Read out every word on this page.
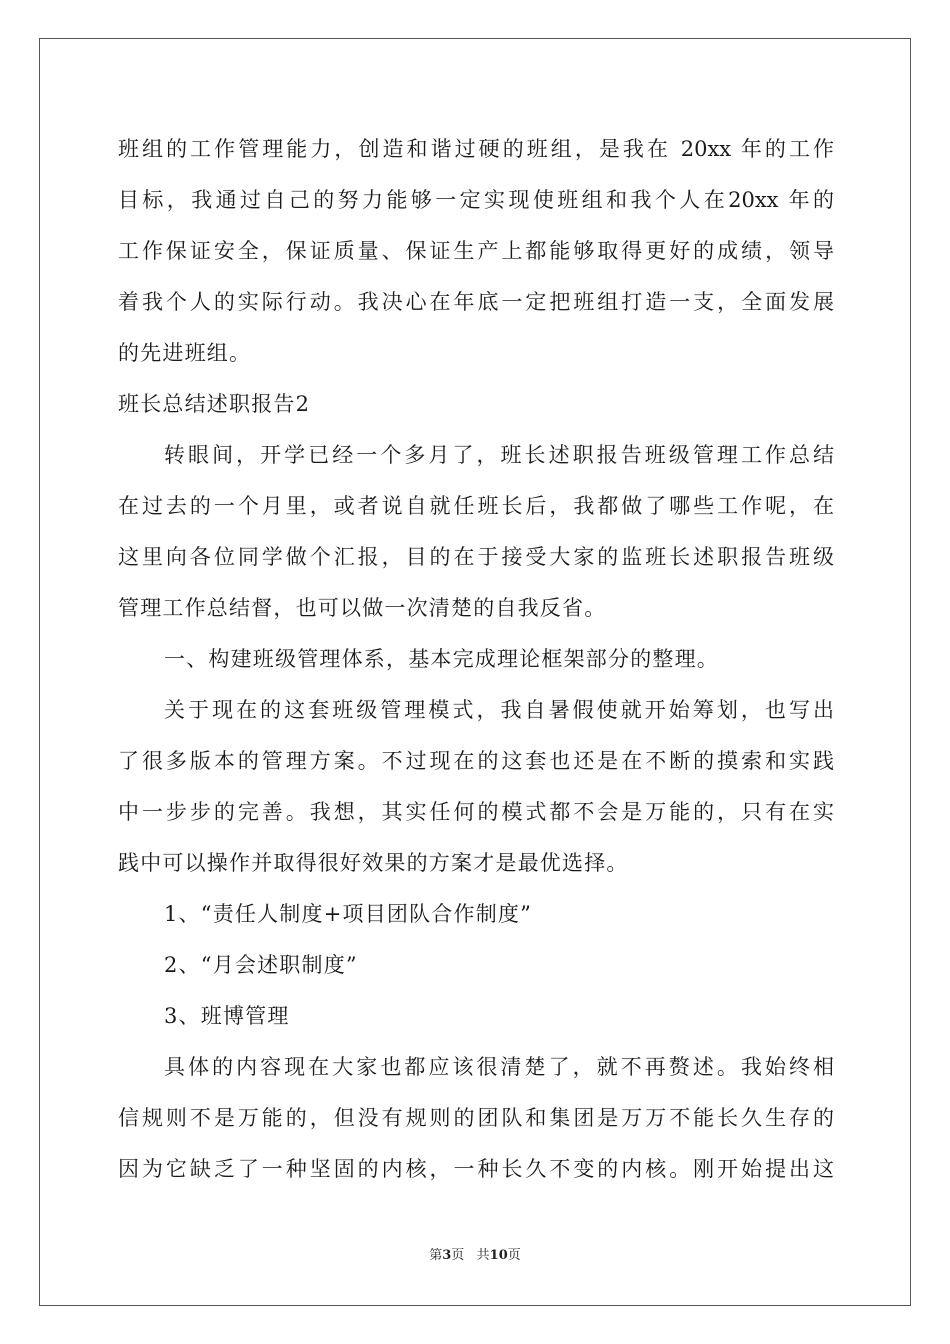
班组的工作管理能力，创造和谐过硬的班组，是我在 20xx 年的工作
目标，我通过自己的努力能够一定实现使班组和我个人在20xx 年的
工作保证安全，保证质量、保证生产上都能够取得更好的成绩，领导
着我个人的实际行动。我决心在年底一定把班组打造一支，全面发展
的先进班组。
班长总结述职报告2
转眼间，开学已经一个多月了，班长述职报告班级管理工作总结
在过去的一个月里，或者说自就任班长后，我都做了哪些工作呢，在
这里向各位同学做个汇报，目的在于接受大家的监班长述职报告班级
管理工作总结督，也可以做一次清楚的自我反省。
一、构建班级管理体系，基本完成理论框架部分的整理。
关于现在的这套班级管理模式，我自暑假使就开始筹划，也写出
了很多版本的管理方案。不过现在的这套也还是在不断的摸索和实践
中一步步的完善。我想，其实任何的模式都不会是万能的，只有在实
践中可以操作并取得很好效果的方案才是最优选择。
1、“责任人制度+项目团队合作制度”
2、“月会述职制度”
3、班博管理
具体的内容现在大家也都应该很清楚了，就不再赘述。我始终相
信规则不是万能的，但没有规则的团队和集团是万万不能长久生存的
因为它缺乏了一种坚固的内核，一种长久不变的内核。刚开始提出这
第3页   共10页
